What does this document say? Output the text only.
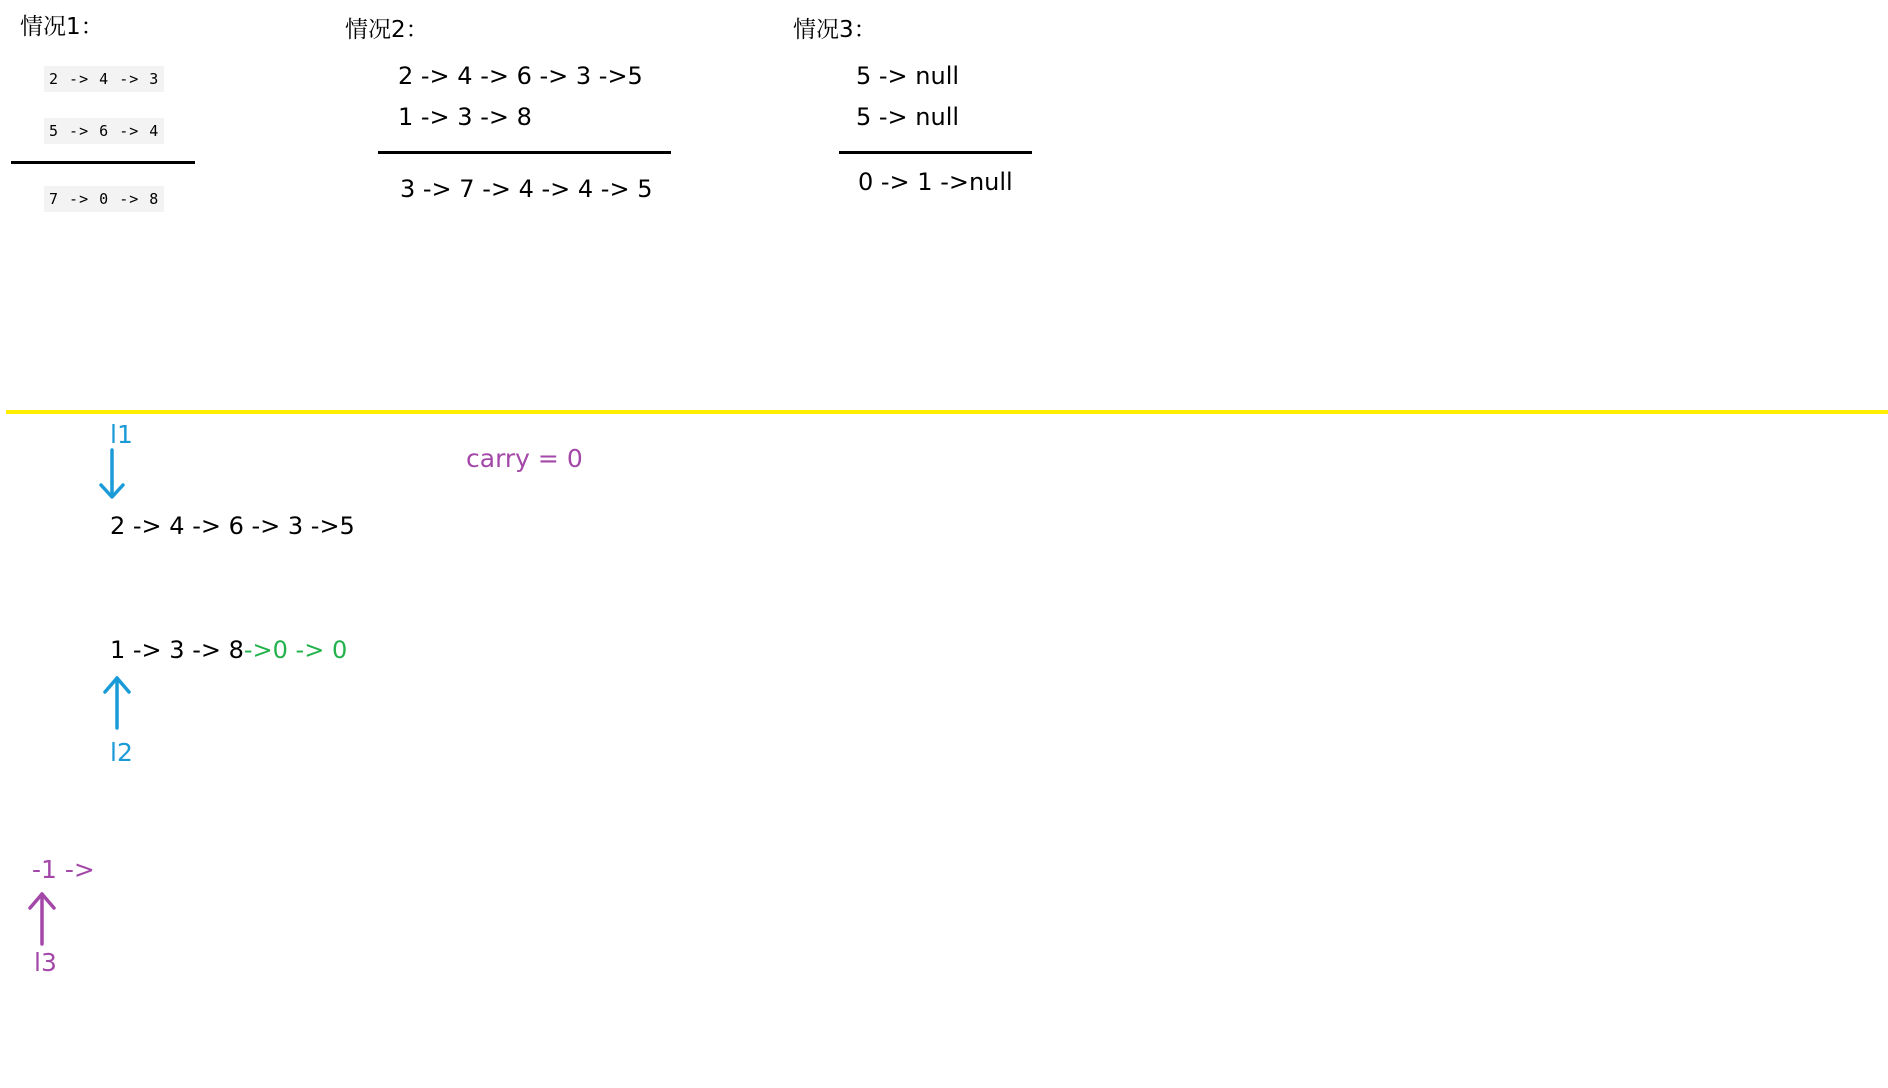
情况1：
2 -> 4 -> 3
5 -> 6 -> 4
7 -> 0 -> 8
情况2：
2 -> 4 -> 6 -> 3 ->5
1 -> 3 -> 8
3 -> 7 -> 4 -> 4 -> 5
情况3：
5 -> null
5 -> null
0 -> 1 ->null
l1
carry = 0
2 -> 4 -> 6 -> 3 ->5
1 -> 3 -> 8->0 -> 0
l2
-1 ->
l3
